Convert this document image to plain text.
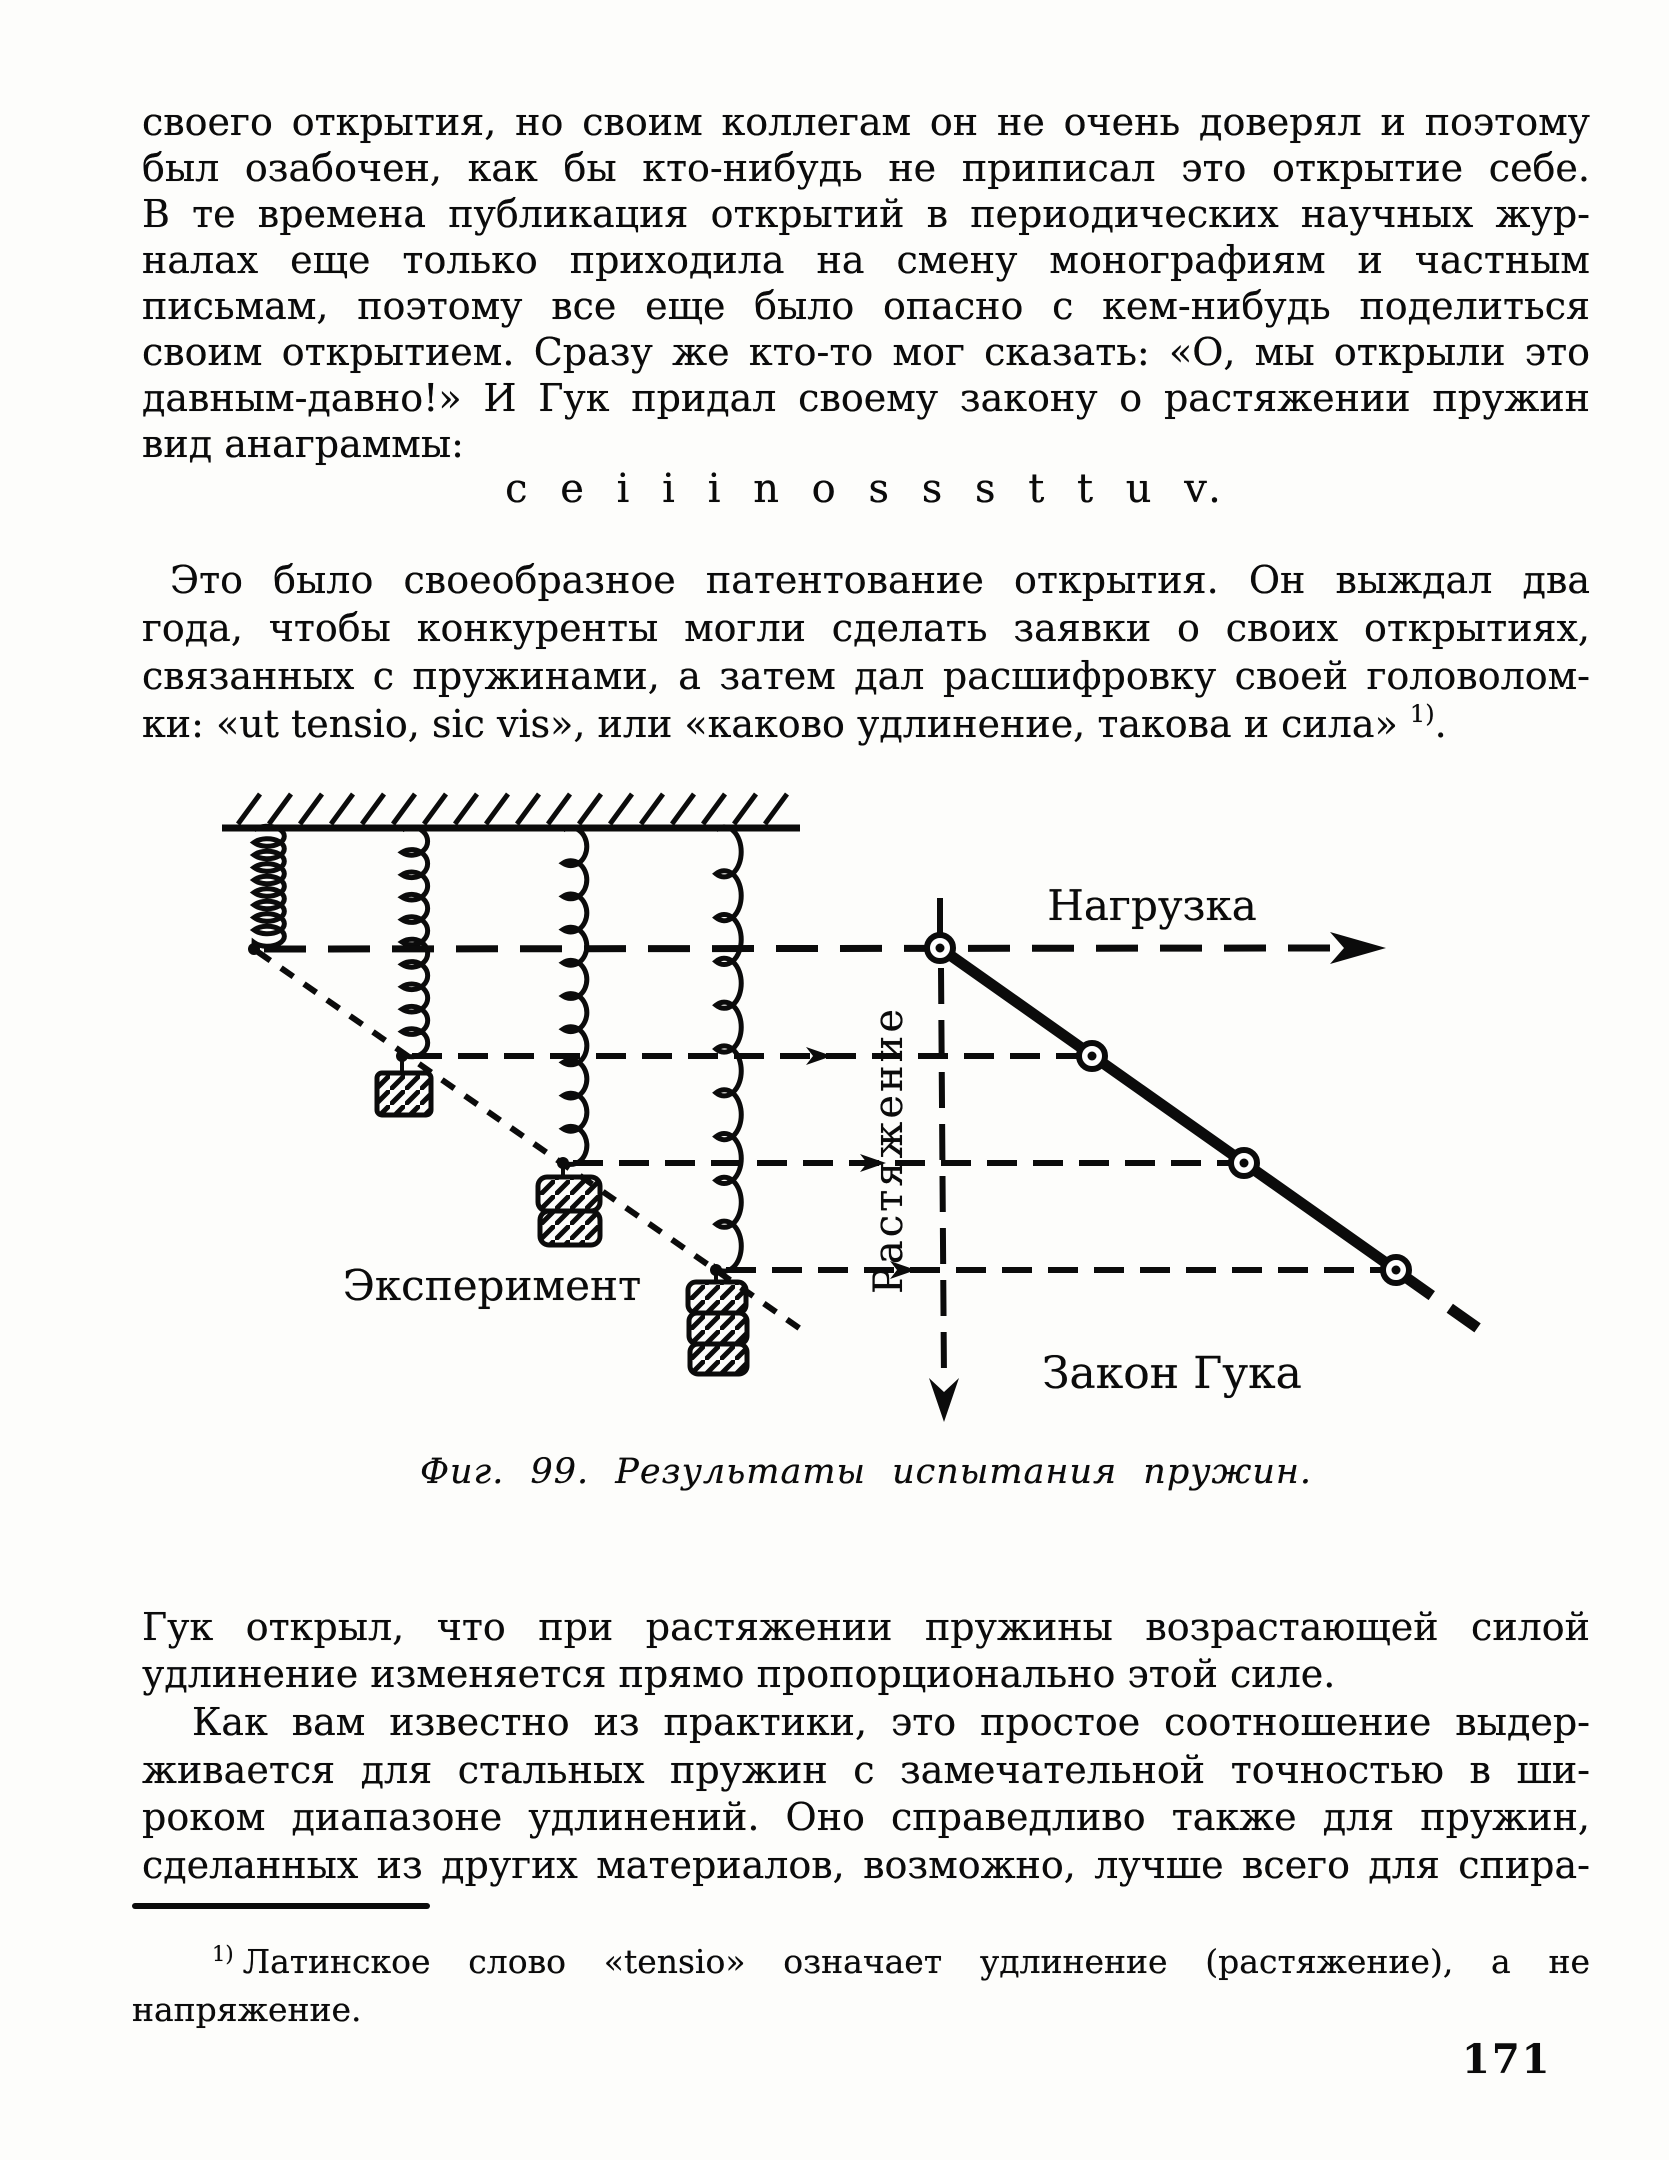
своего открытия, но своим коллегам он не очень доверял и поэтому
был озабочен, как бы кто-нибудь не приписал это открытие себе.
В те времена публикация открытий в периодических научных жур-
налах еще только приходила на смену монографиям и частным
письмам, поэтому все еще было опасно с кем-нибудь поделиться
своим открытием. Сразу же кто-то мог сказать: «О, мы открыли это
давным-давно!» И Гук придал своему закону о растяжении пружин
вид анаграммы:
c e i i i n o s s s t t u v.
Это было своеобразное патентование открытия. Он выждал два
года, чтобы конкуренты могли сделать заявки о своих открытиях,
связанных с пружинами, а затем дал расшифровку своей головолом-
ки: «ut tensio, sic vis», или «каково удлинение, такова и сила» $^{1)}$.
Нагрузка
Растяжение
Эксперимент
Закон Гука
Фиг. 99. Результаты испытания пружин.
Гук открыл, что при растяжении пружины возрастающей силой
удлинение изменяется прямо пропорционально этой силе.
Как вам известно из практики, это простое соотношение выдер-
живается для стальных пружин с замечательной точностью в ши-
роком диапазоне удлинений. Оно справедливо также для пружин,
сделанных из других материалов, возможно, лучше всего для спира-
$^{1)}$ Латинское слово «tensio» означает удлинение (растяжение), а не
напряжение.
171
